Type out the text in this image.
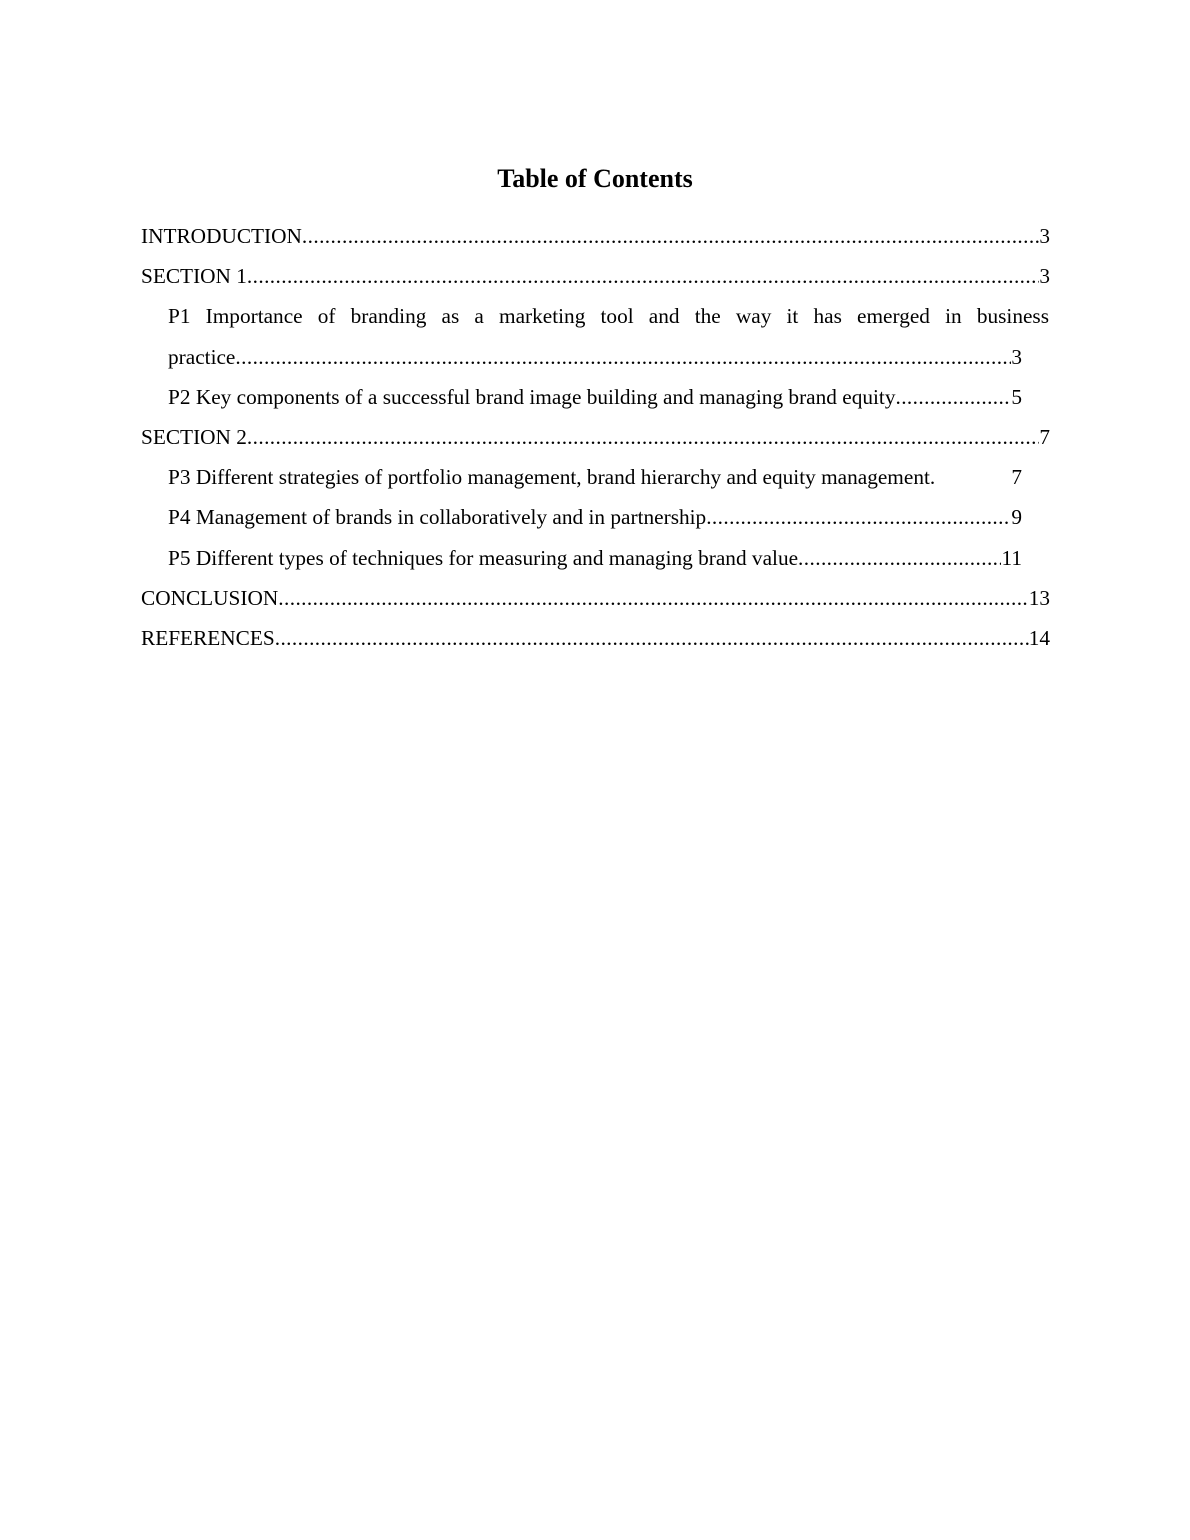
Table of Contents
INTRODUCTION .....	3
SECTION 1 .....	3
P1 Importance of branding as a marketing tool and the way it has emerged in business
practice .....	3
P2 Key components of a successful brand image building and managing brand equity .....	5
SECTION 2 .....	7
P3 Different strategies of portfolio management, brand hierarchy and equity management.	7
P4 Management of brands in collaboratively and in partnership .....	9
P5 Different types of techniques for measuring and managing brand value .....	11
CONCLUSION .....	13
REFERENCES .....	14
